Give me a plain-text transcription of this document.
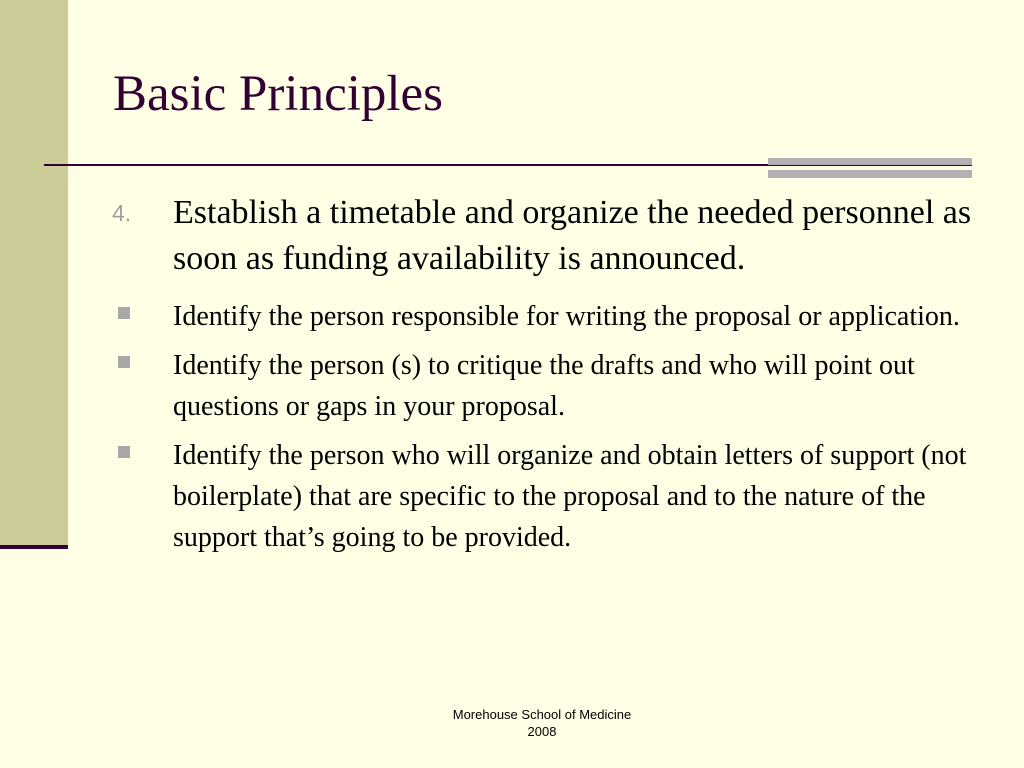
Basic Principles
4.	Establish a timetable and organize the needed personnel as soon as funding availability is announced.
Identify the person responsible for writing the proposal or application.
Identify the person (s) to critique the drafts and who will point out questions or gaps in your proposal.
Identify the person who will organize and obtain letters of support (not boilerplate) that are specific to the proposal and to the nature of the support that’s going to be provided.
Morehouse School of Medicine
2008
